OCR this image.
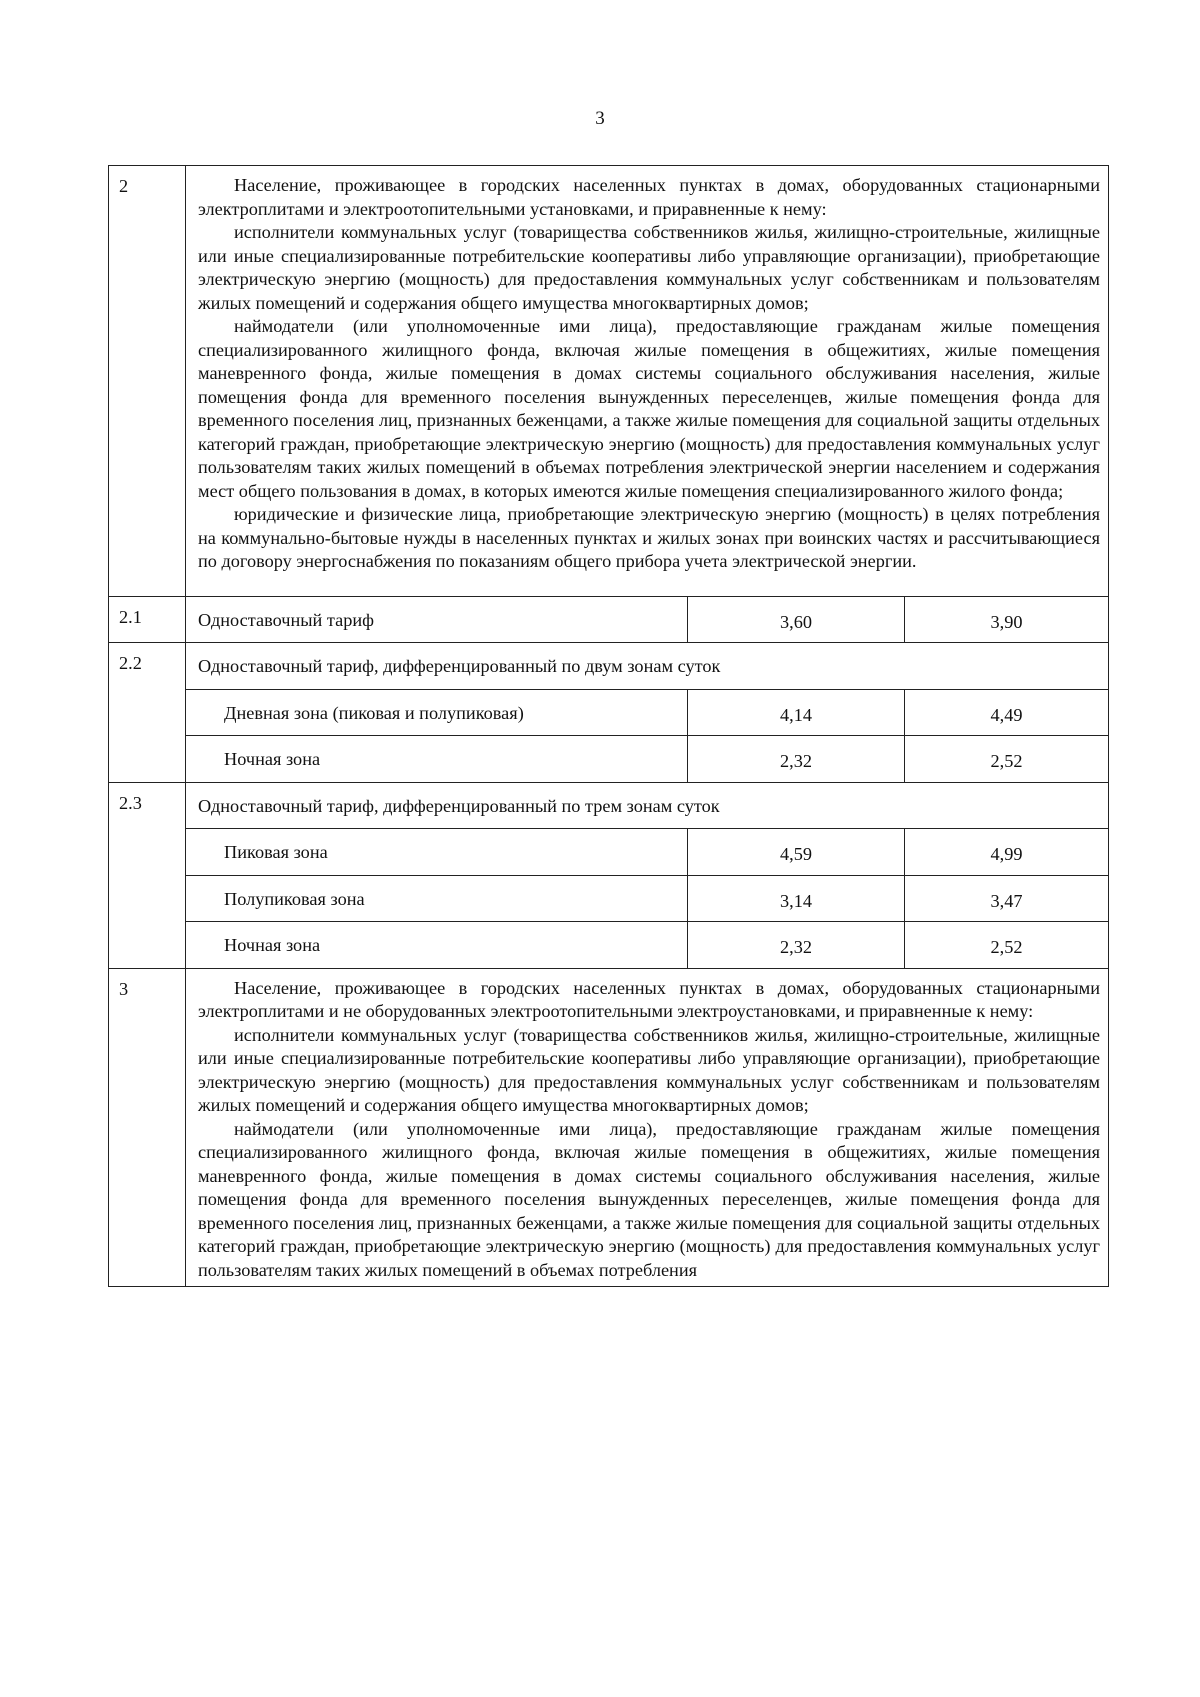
3
2	Население, проживающее в городских населенных пунктах в домах, оборудованных стационарными электроплитами и электроотопительными установками, и приравненные к нему:

исполнители коммунальных услуг (товарищества собственников жилья, жилищно-строительные, жилищные или иные специализированные потребительские кооперативы либо управляющие организации), приобретающие электрическую энергию (мощность) для предоставления коммунальных услуг собственникам и пользователям жилых помещений и содержания общего имущества многоквартирных домов;

наймодатели (или уполномоченные ими лица), предоставляющие гражданам жилые помещения специализированного жилищного фонда, включая жилые помещения в общежитиях, жилые помещения маневренного фонда, жилые помещения в домах системы социального обслуживания населения, жилые помещения фонда для временного поселения вынужденных переселенцев, жилые помещения фонда для временного поселения лиц, признанных беженцами, а также жилые помещения для социальной защиты отдельных категорий граждан, приобретающие электрическую энергию (мощность) для предоставления коммунальных услуг пользователям таких жилых помещений в объемах потребления электрической энергии населением и содержания мест общего пользования в домах, в которых имеются жилые помещения специализированного жилого фонда;

юридические и физические лица, приобретающие электрическую энергию (мощность) в целях потребления на коммунально-бытовые нужды в населенных пунктах и жилых зонах при воинских частях и рассчитывающиеся по договору энергоснабжения по показаниям общего прибора учета электрической энергии.		

2.1	Одноставочный тариф	3,60	3,90
2.2	Одноставочный тариф, дифференцированный по двум зонам суток		
	Дневная зона (пиковая и полупиковая)	4,14	4,49
	Ночная зона	2,32	2,52
2.3	Одноставочный тариф, дифференцированный по трем зонам суток		
	Пиковая зона	4,59	4,99
	Полупиковая зона	3,14	3,47
	Ночная зона	2,32	2,52
3	Население, проживающее в городских населенных пунктах в домах, оборудованных стационарными электроплитами и не оборудованных электроотопительными электроустановками, и приравненные к нему:

исполнители коммунальных услуг (товарищества собственников жилья, жилищно-строительные, жилищные или иные специализированные потребительские кооперативы либо управляющие организации), приобретающие электрическую энергию (мощность) для предоставления коммунальных услуг собственникам и пользователям жилых помещений и содержания общего имущества многоквартирных домов;

наймодатели (или уполномоченные ими лица), предоставляющие гражданам жилые помещения специализированного жилищного фонда, включая жилые помещения в общежитиях, жилые помещения маневренного фонда, жилые помещения в домах системы социального обслуживания населения, жилые помещения фонда для временного поселения вынужденных переселенцев, жилые помещения фонда для временного поселения лиц, признанных беженцами, а также жилые помещения для социальной защиты отдельных категорий граждан, приобретающие электрическую энергию (мощность) для предоставления коммунальных услуг пользователям таких жилых помещений в объемах потребления		
